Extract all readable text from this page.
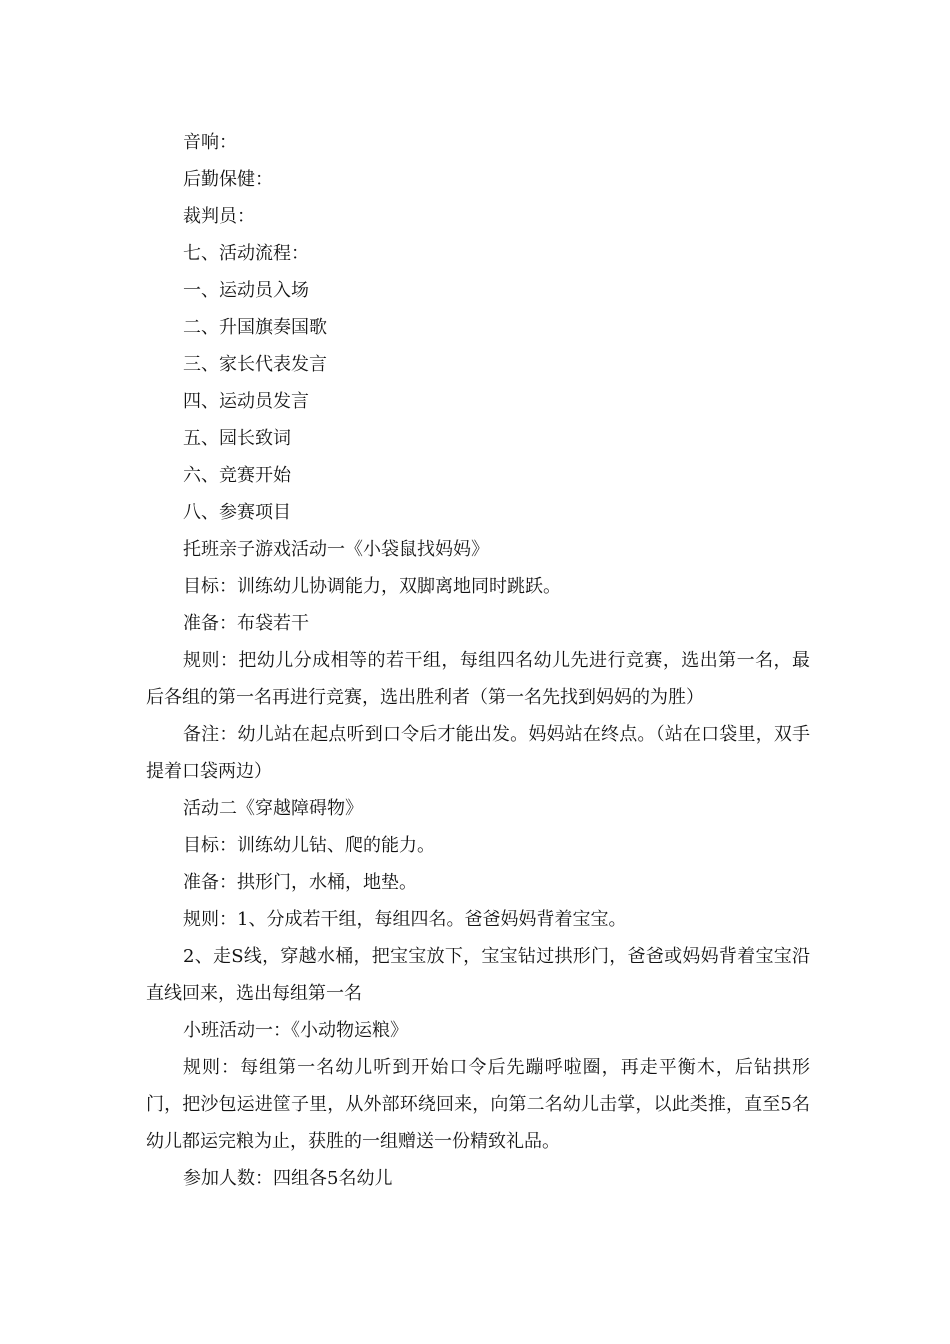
音响：

后勤保健：

裁判员：

七、活动流程：

一、运动员入场

二、升国旗奏国歌

三、家长代表发言

四、运动员发言

五、园长致词

六、竞赛开始

八、参赛项目

托班亲子游戏活动一《小袋鼠找妈妈》

目标：训练幼儿协调能力，双脚离地同时跳跃。

准备：布袋若干

规则：把幼儿分成相等的若干组，每组四名幼儿先进行竞赛，选出第一名，最后各组的第一名再进行竞赛，选出胜利者（第一名先找到妈妈的为胜）

备注：幼儿站在起点听到口令后才能出发。妈妈站在终点。（站在口袋里，双手提着口袋两边）

活动二《穿越障碍物》

目标：训练幼儿钻、爬的能力。

准备：拱形门，水桶，地垫。

规则：1、分成若干组，每组四名。爸爸妈妈背着宝宝。

2、走S线，穿越水桶，把宝宝放下，宝宝钻过拱形门，爸爸或妈妈背着宝宝沿直线回来，选出每组第一名

小班活动一：《小动物运粮》

规则：每组第一名幼儿听到开始口令后先蹦呼啦圈，再走平衡木，后钻拱形门，把沙包运进筐子里，从外部环绕回来，向第二名幼儿击掌，以此类推，直至5名幼儿都运完粮为止，获胜的一组赠送一份精致礼品。

参加人数：四组各5名幼儿
